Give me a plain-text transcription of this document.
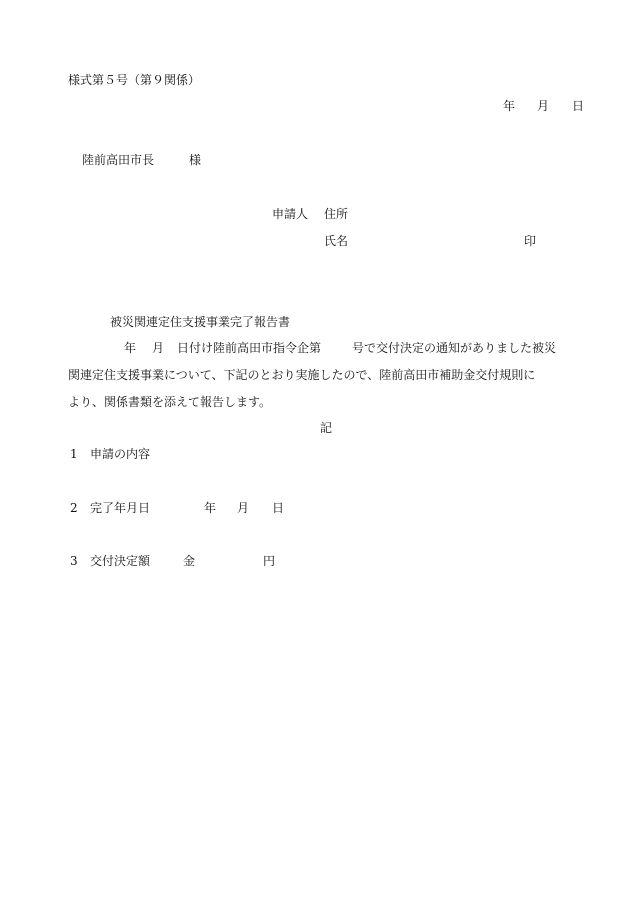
様式第５号（第９関係）
年 月 日
陸前高田市長	様
申請人 住所
氏名	印
被災関連定住支援事業完了報告書
年 月 日付け陸前高田市指令企第	号で交付決定の通知がありました被災
関連定住支援事業について、下記のとおり実施したので、陸前高田市補助金交付規則に
より、関係書類を添えて報告します。
記
1 申請の内容
2 完了年月日	年 月 日
3 交付決定額	金	円
